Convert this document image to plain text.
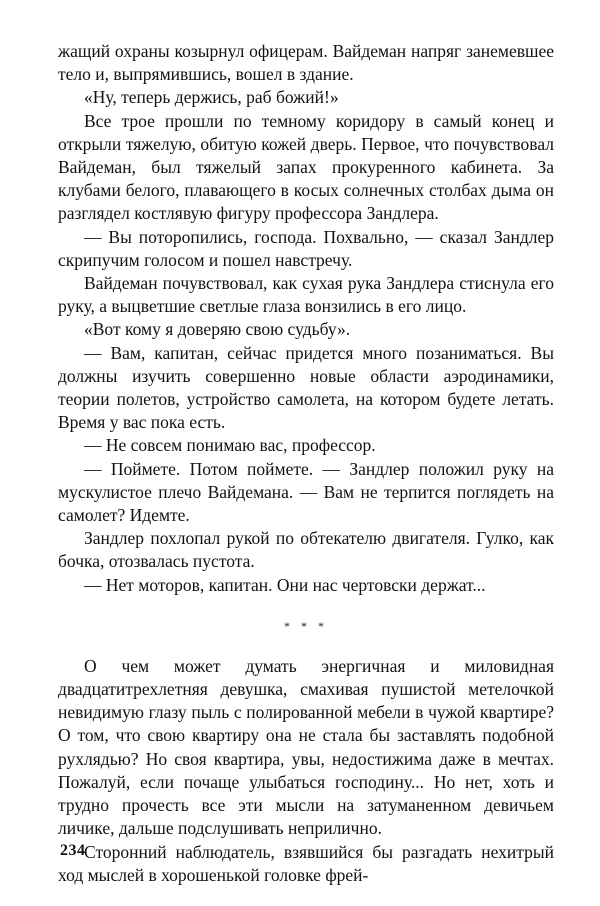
жащий охраны козырнул офицерам. Вайдеман напряг занемевшее тело и, выпрямившись, вошел в здание.

«Ну, теперь держись, раб божий!»

Все трое прошли по темному коридору в самый конец и открыли тяжелую, обитую кожей дверь. Первое, что почувствовал Вайдеман, был тяжелый запах прокуренного кабинета. За клубами белого, плавающего в косых солнечных столбах дыма он разглядел костлявую фигуру профессора Зандлера.

— Вы поторопились, господа. Похвально, — сказал Зандлер скрипучим голосом и пошел навстречу.

Вайдеман почувствовал, как сухая рука Зандлера стиснула его руку, а выцветшие светлые глаза вонзились в его лицо.

«Вот кому я доверяю свою судьбу».

— Вам, капитан, сейчас придется много позаниматься. Вы должны изучить совершенно новые области аэродинамики, теории полетов, устройство самолета, на котором будете летать. Время у вас пока есть.

— Не совсем понимаю вас, профессор.

— Поймете. Потом поймете. — Зандлер положил руку на мускулистое плечо Вайдемана. — Вам не терпится поглядеть на самолет? Идемте.

Зандлер похлопал рукой по обтекателю двигателя. Гулко, как бочка, отозвалась пустота.

— Нет моторов, капитан. Они нас чертовски держат...

* * *

О чем может думать энергичная и миловидная двадцатитрехлетняя девушка, смахивая пушистой метелочкой невидимую глазу пыль с полированной мебели в чужой квартире? О том, что свою квартиру она не стала бы заставлять подобной рухлядью? Но своя квартира, увы, недостижима даже в мечтах. Пожалуй, если почаще улыбаться господину... Но нет, хоть и трудно прочесть все эти мысли на затуманенном девичьем личике, дальше подслушивать неприлично.

Сторонний наблюдатель, взявшийся бы разгадать нехитрый ход мыслей в хорошенькой головке фрей-

234
